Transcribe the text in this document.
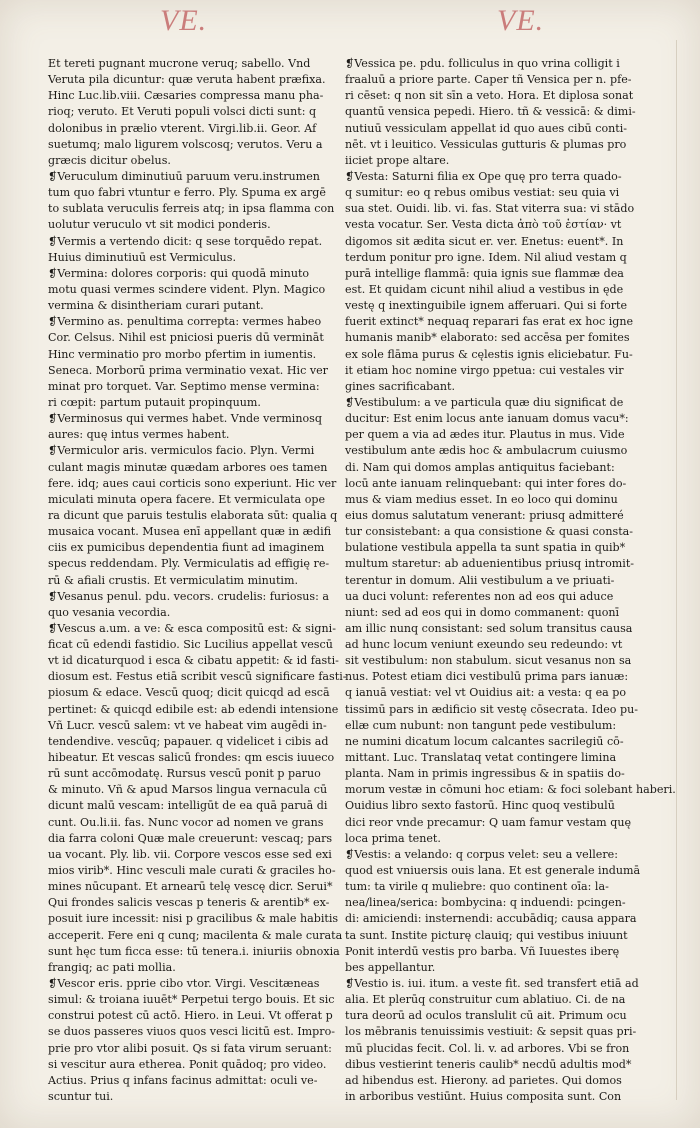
VE.	VE.
Et tereti pugnant mucrone veruq; sabello. Vnd
Veruta pila dicuntur: quæ veruta habent præfixa.
Hinc Luc.lib.viii. Cæsaries compressa manu pha-
rioq; veruto. Et Veruti populi volsci dicti sunt: q
dolonibus in prælio vterent. Virgi.lib.ii. Geor. Af
suetumq; malo ligurem volscosq; verutos. Veru a
græcis dicitur obelus.
❡Veruculum diminutiuū paruum veru.instrumen
tum quo fabri vtuntur e ferro. Ply. Spuma ex argē
to sublata veruculis ferreis atq; in ipsa flamma con
uolutur veruculo vt sit modici ponderis.
❡Vermis a vertendo dicit: q sese torquēdo repat.
Huius diminutiuū est Vermiculus.
❡Vermina: dolores corporis: qui quodā minuto
motu quasi vermes scindere vident. Plyn. Magico
vermina & disintheriam curari putant.
❡Vermino as. penultima correpta: vermes habeo
Cor. Celsus. Nihil est pniciosi pueris dū vermināt
Hinc verminatio pro morbo pfertim in iumentis.
Seneca. Morborū prima verminatio vexat. Hic ver
minat pro torquet. Var. Septimo mense vermina:
ri cœpit: partum putauit propinquum.
❡Verminosus qui vermes habet. Vnde verminosq
aures: quę intus vermes habent.
❡Vermiculor aris. vermiculos facio. Plyn. Vermi
culant magis minutæ quædam arbores oes tamen
fere. idq; aues caui corticis sono experiunt. Hic ver
miculati minuta opera facere. Et vermiculata ope
ra dicunt que paruis testulis elaborata sūt: qualia q
musaica vocant. Musea enī appellant quæ in ædifi
ciis ex pumicibus dependentia fiunt ad imaginem
specus reddendam. Ply. Vermiculatis ad effigię re-
rū & afiali crustis. Et vermiculatim minutim.
❡Vesanus penul. pdu. vecors. crudelis: furiosus: a
quo vesania vecordia.
❡Vescus a.um. a ve: & esca compositū est: & signi-
ficat cū edendi fastidio. Sic Lucilius appellat vescū
vt id dicaturquod i esca & cibatu appetit: & id fasti-
diosum est. Festus etiā scribit vescū significare fasti-
piosum & edace. Vescū quoq; dicit quicqd ad escā
pertinet: & quicqd edibile est: ab edendi intensione
Vñ Lucr. vescū salem: vt ve habeat vim augēdi in-
tendendive. vescūq; papauer. q videlicet i cibis ad
hibeatur. Et vescas salicū frondes: qm escis iuueco
rū sunt accōmodatę. Rursus vescū ponit p paruo
& minuto. Vñ & apud Marsos lingua vernacula cū
dicunt malū vescam: intelligūt de ea quā paruā di
cunt. Ou.li.ii. fas. Nunc vocor ad nomen ve grans
dia farra coloni Quæ male creuerunt: vescaq; pars
ua vocant. Ply. lib. vii. Corpore vescos esse sed exi
mios virib*. Hinc vesculi male curati & graciles ho-
mines nūcupant. Et arnearū telę vescę dicr. Serui*
Qui frondes salicis vescas p teneris & arentib* ex-
posuit iure incessit: nisi p gracilibus & male habitis
acceperit. Fere eni q cunq; macilenta & male curata
sunt hęc tum ficca esse: tū tenera.i. iniuriis obnoxia
frangiq; ac pati mollia.
❡Vescor eris. pprie cibo vtor. Virgi. Vescitæneas
simul: & troiana iuuēt* Perpetui tergo bouis. Et sic
construi potest cū actō. Hiero. in Leui. Vt offerat p
se duos passeres viuos quos vesci licitū est. Impro-
prie pro vtor alibi posuit. Qs si fata virum seruant:
si vescitur aura etherea. Ponit quādoq; pro video.
Actius. Prius q infans facinus admittat: oculi ve-
scuntur tui.
❡Vessica pe. pdu. folliculus in quo vrina colligit i
fraaluū a priore parte. Caper tñ Vensica per n. pfe-
ri cēset: q non sit sīn a veto. Hora. Et diplosa sonat
quantū vensica pepedi. Hiero. tñ & vessicā: & dimi-
nutiuū vessiculam appellat id quo aues cibū conti-
nēt. vt i leuitico. Vessiculas gutturis & plumas pro
iiciet prope altare.
❡Vesta: Saturni filia ex Ope quę pro terra quado-
q sumitur: eo q rebus omibus vestiat: seu quia vi
sua stet. Ouidi. lib. vi. fas. Stat viterra sua: vi stādo
vesta vocatur. Ser. Vesta dicta ἀπὸ τοῦ ἑστίαν· vt
digomos sit ædita sicut er. ver. Enetus: euent*. In
terdum ponitur pro igne. Idem. Nil aliud vestam q
purā intellige flammā: quia ignis sue flammæ dea
est. Et quidam cicunt nihil aliud a vestibus in ęde
vestę q inextinguibile ignem afferuari. Qui si forte
fuerit extinct* nequaq reparari fas erat ex hoc igne
humanis manib* elaborato: sed accēsa per fomites
ex sole flāma purus & cęlestis ignis eliciebatur. Fu-
it etiam hoc nomine virgo ppetua: cui vestales vir
gines sacrificabant.
❡Vestibulum: a ve particula quæ diu significat de
ducitur: Est enim locus ante ianuam domus vacu*:
per quem a via ad ædes itur. Plautus in mus. Vide
vestibulum ante ædis hoc & ambulacrum cuiusmo
di. Nam qui domos amplas antiquitus faciebant:
locū ante ianuam relinquebant: qui inter fores do-
mus & viam medius esset. In eo loco qui dominu
eius domus salutatum venerant: priusq admitteré
tur consistebant: a qua consistione & quasi consta-
bulatione vestibula appella ta sunt spatia in quib*
multum staretur: ab aduenientibus priusq intromit-
terentur in domum. Alii vestibulum a ve priuati-
ua duci volunt: referentes non ad eos qui aduce
niunt: sed ad eos qui in domo commanent: quonī
am illic nunq consistant: sed solum transitus causa
ad hunc locum veniunt exeundo seu redeundo: vt
sit vestibulum: non stabulum. sicut vesanus non sa
nus. Potest etiam dici vestibulū prima pars ianuæ:
q ianuā vestiat: vel vt Ouidius ait: a vesta: q ea po
tissimū pars in ædificio sit vestę cōsecrata. Ideo pu-
ellæ cum nubunt: non tangunt pede vestibulum:
ne numini dicatum locum calcantes sacrilegiū cō-
mittant. Luc. Translataq vetat contingere limina
planta. Nam in primis ingressibus & in spatiis do-
morum vestæ in cōmuni hoc etiam: & foci solebant haberi.
Ouidius libro sexto fastorū. Hinc quoq vestibulū
dici reor vnde precamur: Q uam famur vestam quę
loca prima tenet.
❡Vestis: a velando: q corpus velet: seu a vellere:
quod est vniuersis ouis lana. Et est generale indumā
tum: ta virile q muliebre: quo continent oīa: la-
nea/linea/serica: bombycina: q induendi: pcingen-
di: amiciendi: insternendi: accubādiq; causa appara
ta sunt. Instite picturę clauiq; qui vestibus iniuunt
Ponit interdū vestis pro barba. Vñ Iuuestes iberę
bes appellantur.
❡Vestio is. iui. itum. a veste fit. sed transfert etiā ad
alia. Et plerūq construitur cum ablatiuo. Ci. de na
tura deorū ad oculos translulit cū ait. Primum ocu
los mēbranis tenuissimis vestiuit: & sepsit quas pri-
mū plucidas fecit. Col. li. v. ad arbores. Vbi se fron
dibus vestierint teneris caulib* necdū adultis mod*
ad hibendus est. Hierony. ad parietes. Qui domos
in arboribus vestiūnt. Huius composita sunt. Con
